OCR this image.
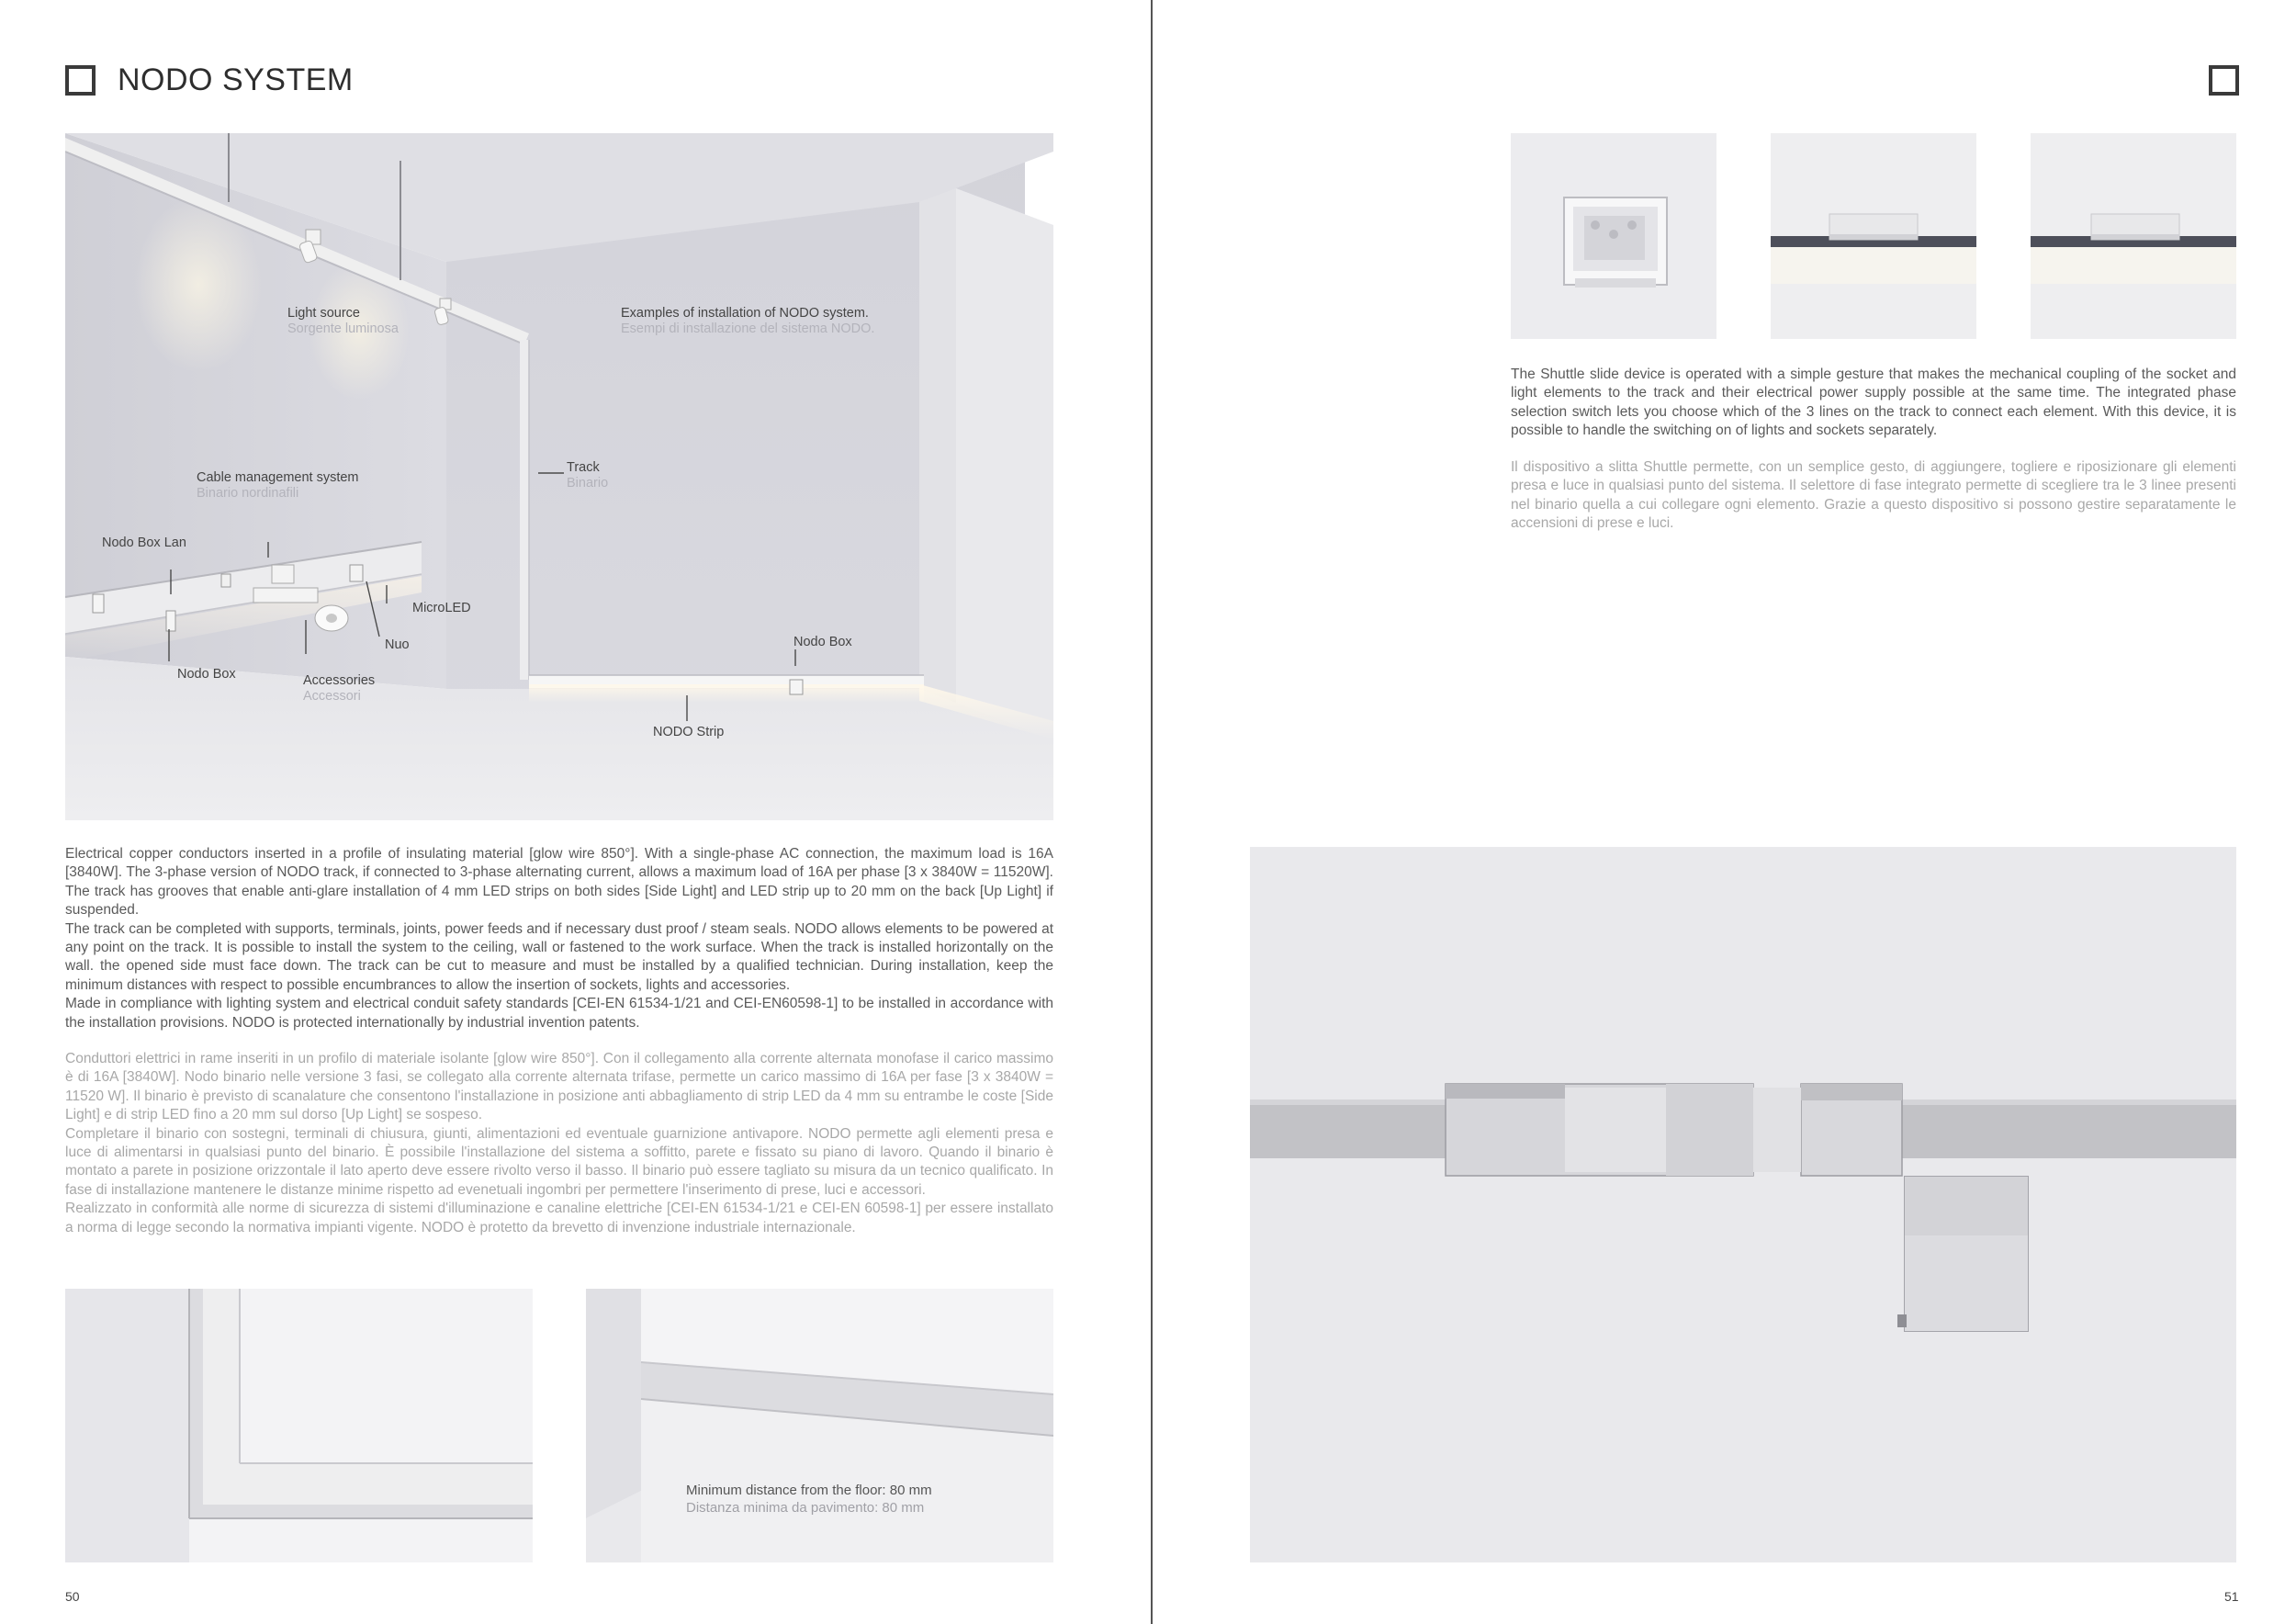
NODO SYSTEM
Light source
Sorgente luminosa
Examples of installation of NODO system.
Esempi di installazione del sistema NODO.
Track
Binario
Cable management system
Binario nordinafili
Nodo Box Lan
MicroLED
Nuo
Nodo Box	Accessories
Accessori
Nodo Box
NODO Strip

Electrical copper conductors inserted in a profile of insulating material [glow wire 850°]. With a single-phase AC connection, the maximum load is 16A [3840W]. The 3-phase version of NODO track, if connected to 3-phase alternating current, allows a maximum load of 16A per phase [3 x 3840W = 11520W]. The track has grooves that enable anti-glare installation of 4 mm LED strips on both sides [Side Light] and LED strip up to 20 mm on the back [Up Light] if suspended.

The track can be completed with supports, terminals, joints, power feeds and if necessary dust proof / steam seals. NODO allows elements to be powered at any point on the track. It is possible to install the system to the ceiling, wall or fastened to the work surface. When the track is installed horizontally on the wall. the opened side must face down. The track can be cut to measure and must be installed by a qualified technician. During installation, keep the minimum distances with respect to possible encumbrances to allow the insertion of sockets, lights and accessories.

Made in compliance with lighting system and electrical conduit safety standards [CEI-EN 61534-1/21 and CEI-EN60598-1] to be installed in accordance with the installation provisions. NODO is protected internationally by industrial invention patents.

Conduttori elettrici in rame inseriti in un profilo di materiale isolante [glow wire 850°]. Con il collegamento alla corrente alternata monofase il carico massimo è di 16A [3840W]. Nodo binario nelle versione 3 fasi, se collegato alla corrente alternata trifase, permette un carico massimo di 16A per fase [3 x 3840W = 11520 W]. Il binario è previsto di scanalature che consentono l'installazione in posizione anti abbagliamento di strip LED da 4 mm su entrambe le coste [Side Light] e di strip LED fino a 20 mm sul dorso [Up Light] se sospeso.

Completare il binario con sostegni, terminali di chiusura, giunti, alimentazioni ed eventuale guarnizione antivapore. NODO permette agli elementi presa e luce di alimentarsi in qualsiasi punto del binario. È possibile l'installazione del sistema a soffitto, parete e fissato su piano di lavoro. Quando il binario è montato a parete in posizione orizzontale il lato aperto deve essere rivolto verso il basso. Il binario può essere tagliato su misura da un tecnico qualificato. In fase di installazione mantenere le distanze minime rispetto ad evenetuali ingombri per permettere l'inserimento di prese, luci e accessori.

Realizzato in conformità alle norme di sicurezza di sistemi d'illuminazione e canaline elettriche [CEI-EN 61534-1/21 e CEI-EN 60598-1] per essere installato a norma di legge secondo la normativa impianti vigente. NODO è protetto da brevetto di invenzione industriale internazionale.

Minimum distance from the floor: 80 mm
Distanza minima da pavimento: 80 mm
50
The Shuttle slide device is operated with a simple gesture that makes the mechanical coupling of the socket and light elements to the track and their electrical power supply possible at the same time. The integrated phase selection switch lets you choose which of the 3 lines on the track to connect each element. With this device, it is possible to handle the switching on of lights and sockets separately.
Il dispositivo a slitta Shuttle permette, con un semplice gesto, di aggiungere, togliere e riposizionare gli elementi presa e luce in qualsiasi punto del sistema. Il selettore di fase integrato permette di scegliere tra le 3 linee presenti nel binario quella a cui collegare ogni elemento. Grazie a questo dispositivo si possono gestire separatamente le accensioni di prese e luci.
51
